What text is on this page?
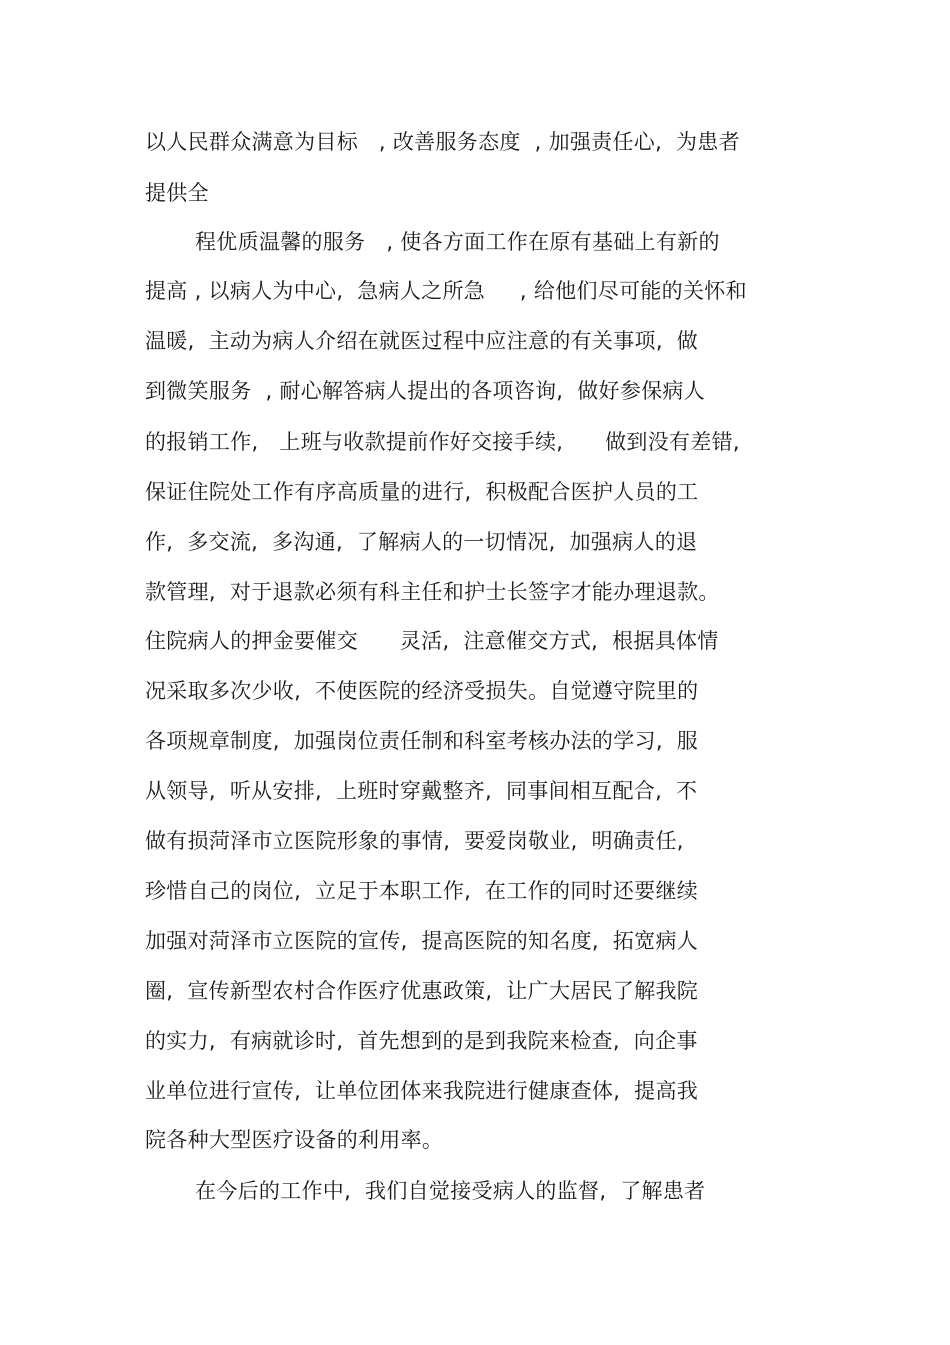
以人民群众满意为目标   , 改善服务态度  , 加强责任心,  为患者
提供全
程优质温馨的服务   , 使各方面工作在原有基础上有新的
提高 , 以病人为中心,  急病人之所急     , 给他们尽可能的关怀和
温暖,  主动为病人介绍在就医过程中应注意的有关事项,  做
到微笑服务  , 耐心解答病人提出的各项咨询,  做好参保病人
的报销工作,   上班与收款提前作好交接手续,      做到没有差错,
保证住院处工作有序高质量的进行,  积极配合医护人员的工
作,  多交流,  多沟通,  了解病人的一切情况,  加强病人的退
款管理,  对于退款必须有科主任和护士长签字才能办理退款。
住院病人的押金要催交      灵活,  注意催交方式,  根据具体情
况采取多次少收,  不使医院的经济受损失。自觉遵守院里的
各项规章制度,  加强岗位责任制和科室考核办法的学习,  服
从领导,  听从安排,  上班时穿戴整齐,  同事间相互配合,  不
做有损菏泽市立医院形象的事情,  要爱岗敬业,  明确责任,
珍惜自己的岗位,  立足于本职工作,  在工作的同时还要继续
加强对菏泽市立医院的宣传,  提高医院的知名度,  拓宽病人
圈,  宣传新型农村合作医疗优惠政策,  让广大居民了解我院
的实力,  有病就诊时,  首先想到的是到我院来检查,  向企事
业单位进行宣传,  让单位团体来我院进行健康查体,  提高我
院各种大型医疗设备的利用率。
在今后的工作中,  我们自觉接受病人的监督,  了解患者
